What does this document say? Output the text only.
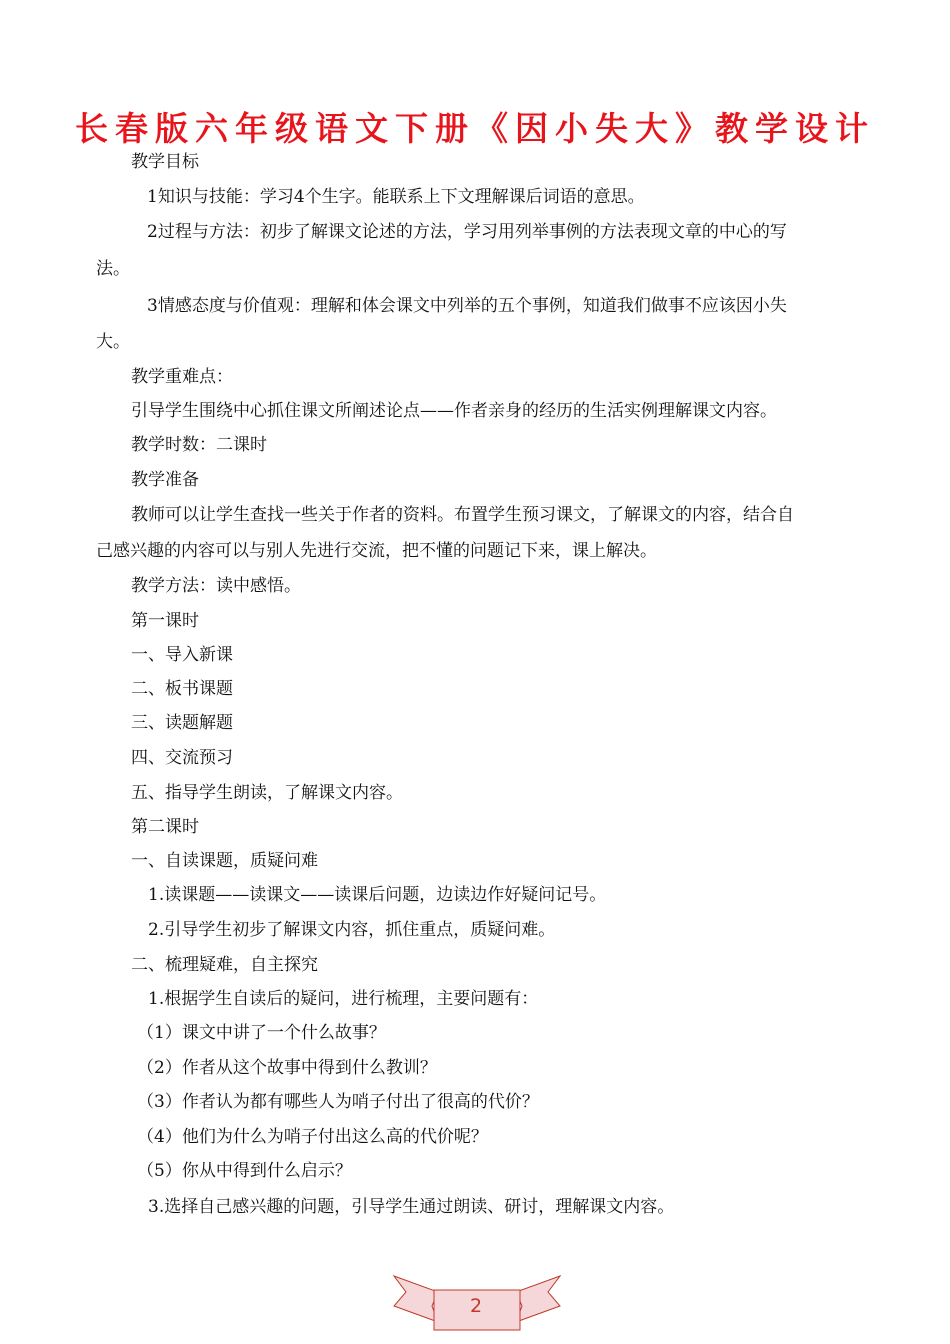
长春版六年级语文下册《因小失大》教学设计
教学目标
1知识与技能：学习4个生字。能联系上下文理解课后词语的意思。
2过程与方法：初步了解课文论述的方法，学习用列举事例的方法表现文章的中心的写
法。
3情感态度与价值观：理解和体会课文中列举的五个事例，知道我们做事不应该因小失
大。
教学重难点：
引导学生围绕中心抓住课文所阐述论点——作者亲身的经历的生活实例理解课文内容。
教学时数：二课时
教学准备
教师可以让学生查找一些关于作者的资料。布置学生预习课文，了解课文的内容，结合自
己感兴趣的内容可以与别人先进行交流，把不懂的问题记下来，课上解决。
教学方法：读中感悟。
第一课时
一、导入新课
二、板书课题
三、读题解题
四、交流预习
五、指导学生朗读，了解课文内容。
第二课时
一、自读课题，质疑问难
1.读课题——读课文——读课后问题，边读边作好疑问记号。
2.引导学生初步了解课文内容，抓住重点，质疑问难。
二、梳理疑难，自主探究
1.根据学生自读后的疑问，进行梳理，主要问题有：
（1）课文中讲了一个什么故事？
（2）作者从这个故事中得到什么教训？
（3）作者认为都有哪些人为哨子付出了很高的代价？
（4）他们为什么为哨子付出这么高的代价呢？
（5）你从中得到什么启示？
3.选择自己感兴趣的问题，引导学生通过朗读、研讨，理解课文内容。
2
